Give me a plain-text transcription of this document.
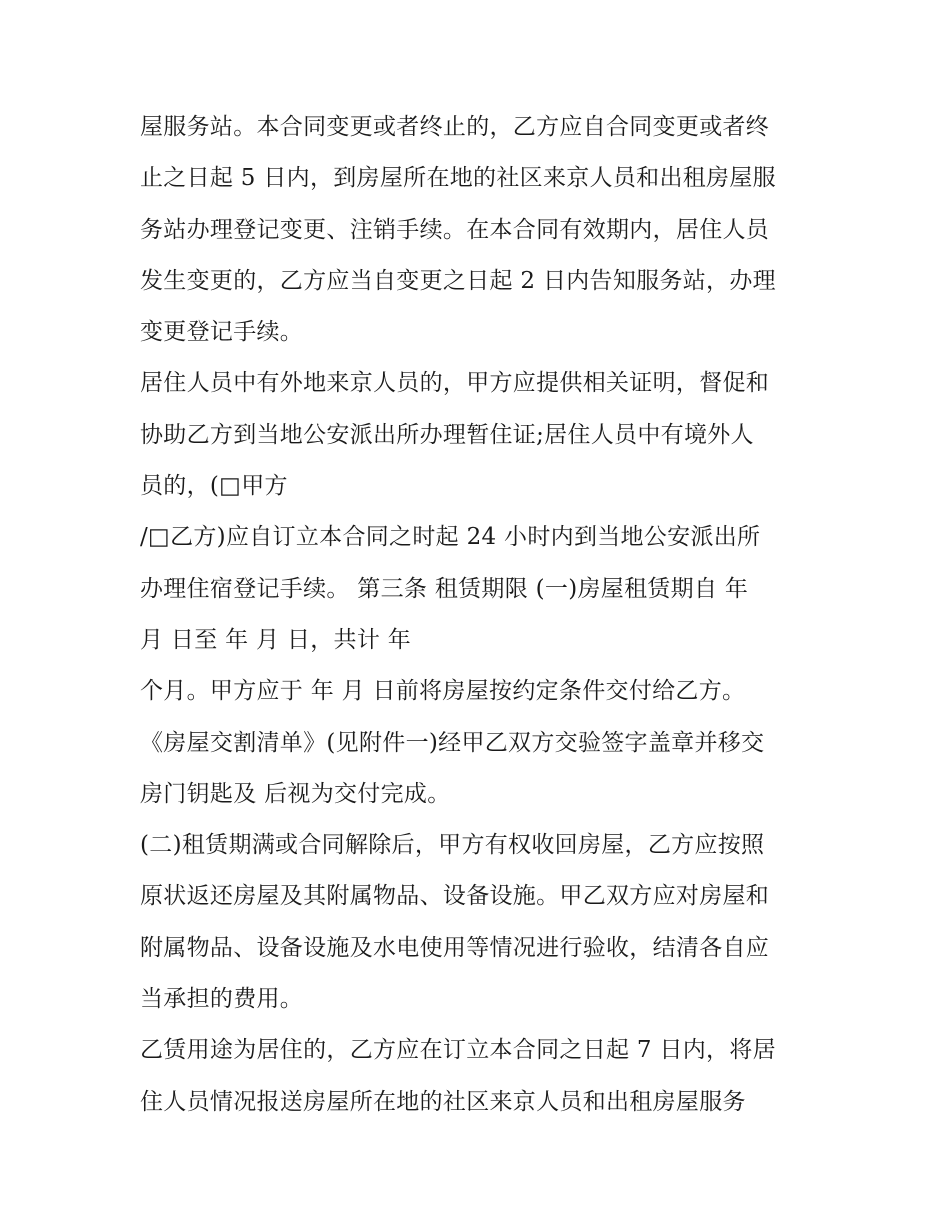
屋服务站。本合同变更或者终止的，乙方应自合同变更或者终
止之日起 5 日内，到房屋所在地的社区来京人员和出租房屋服
务站办理登记变更、注销手续。在本合同有效期内，居住人员
发生变更的，乙方应当自变更之日起 2 日内告知服务站，办理
变更登记手续。
居住人员中有外地来京人员的，甲方应提供相关证明，督促和
协助乙方到当地公安派出所办理暂住证;居住人员中有境外人
员的，(□甲方
/□乙方)应自订立本合同之时起 24 小时内到当地公安派出所
办理住宿登记手续。 第三条 租赁期限 (一)房屋租赁期自 年
月 日至 年 月 日，共计 年
个月。甲方应于 年 月 日前将房屋按约定条件交付给乙方。
《房屋交割清单》(见附件一)经甲乙双方交验签字盖章并移交
房门钥匙及 后视为交付完成。
(二)租赁期满或合同解除后，甲方有权收回房屋，乙方应按照
原状返还房屋及其附属物品、设备设施。甲乙双方应对房屋和
附属物品、设备设施及水电使用等情况进行验收，结清各自应
当承担的费用。
乙赁用途为居住的，乙方应在订立本合同之日起 7 日内，将居
住人员情况报送房屋所在地的社区来京人员和出租房屋服务
